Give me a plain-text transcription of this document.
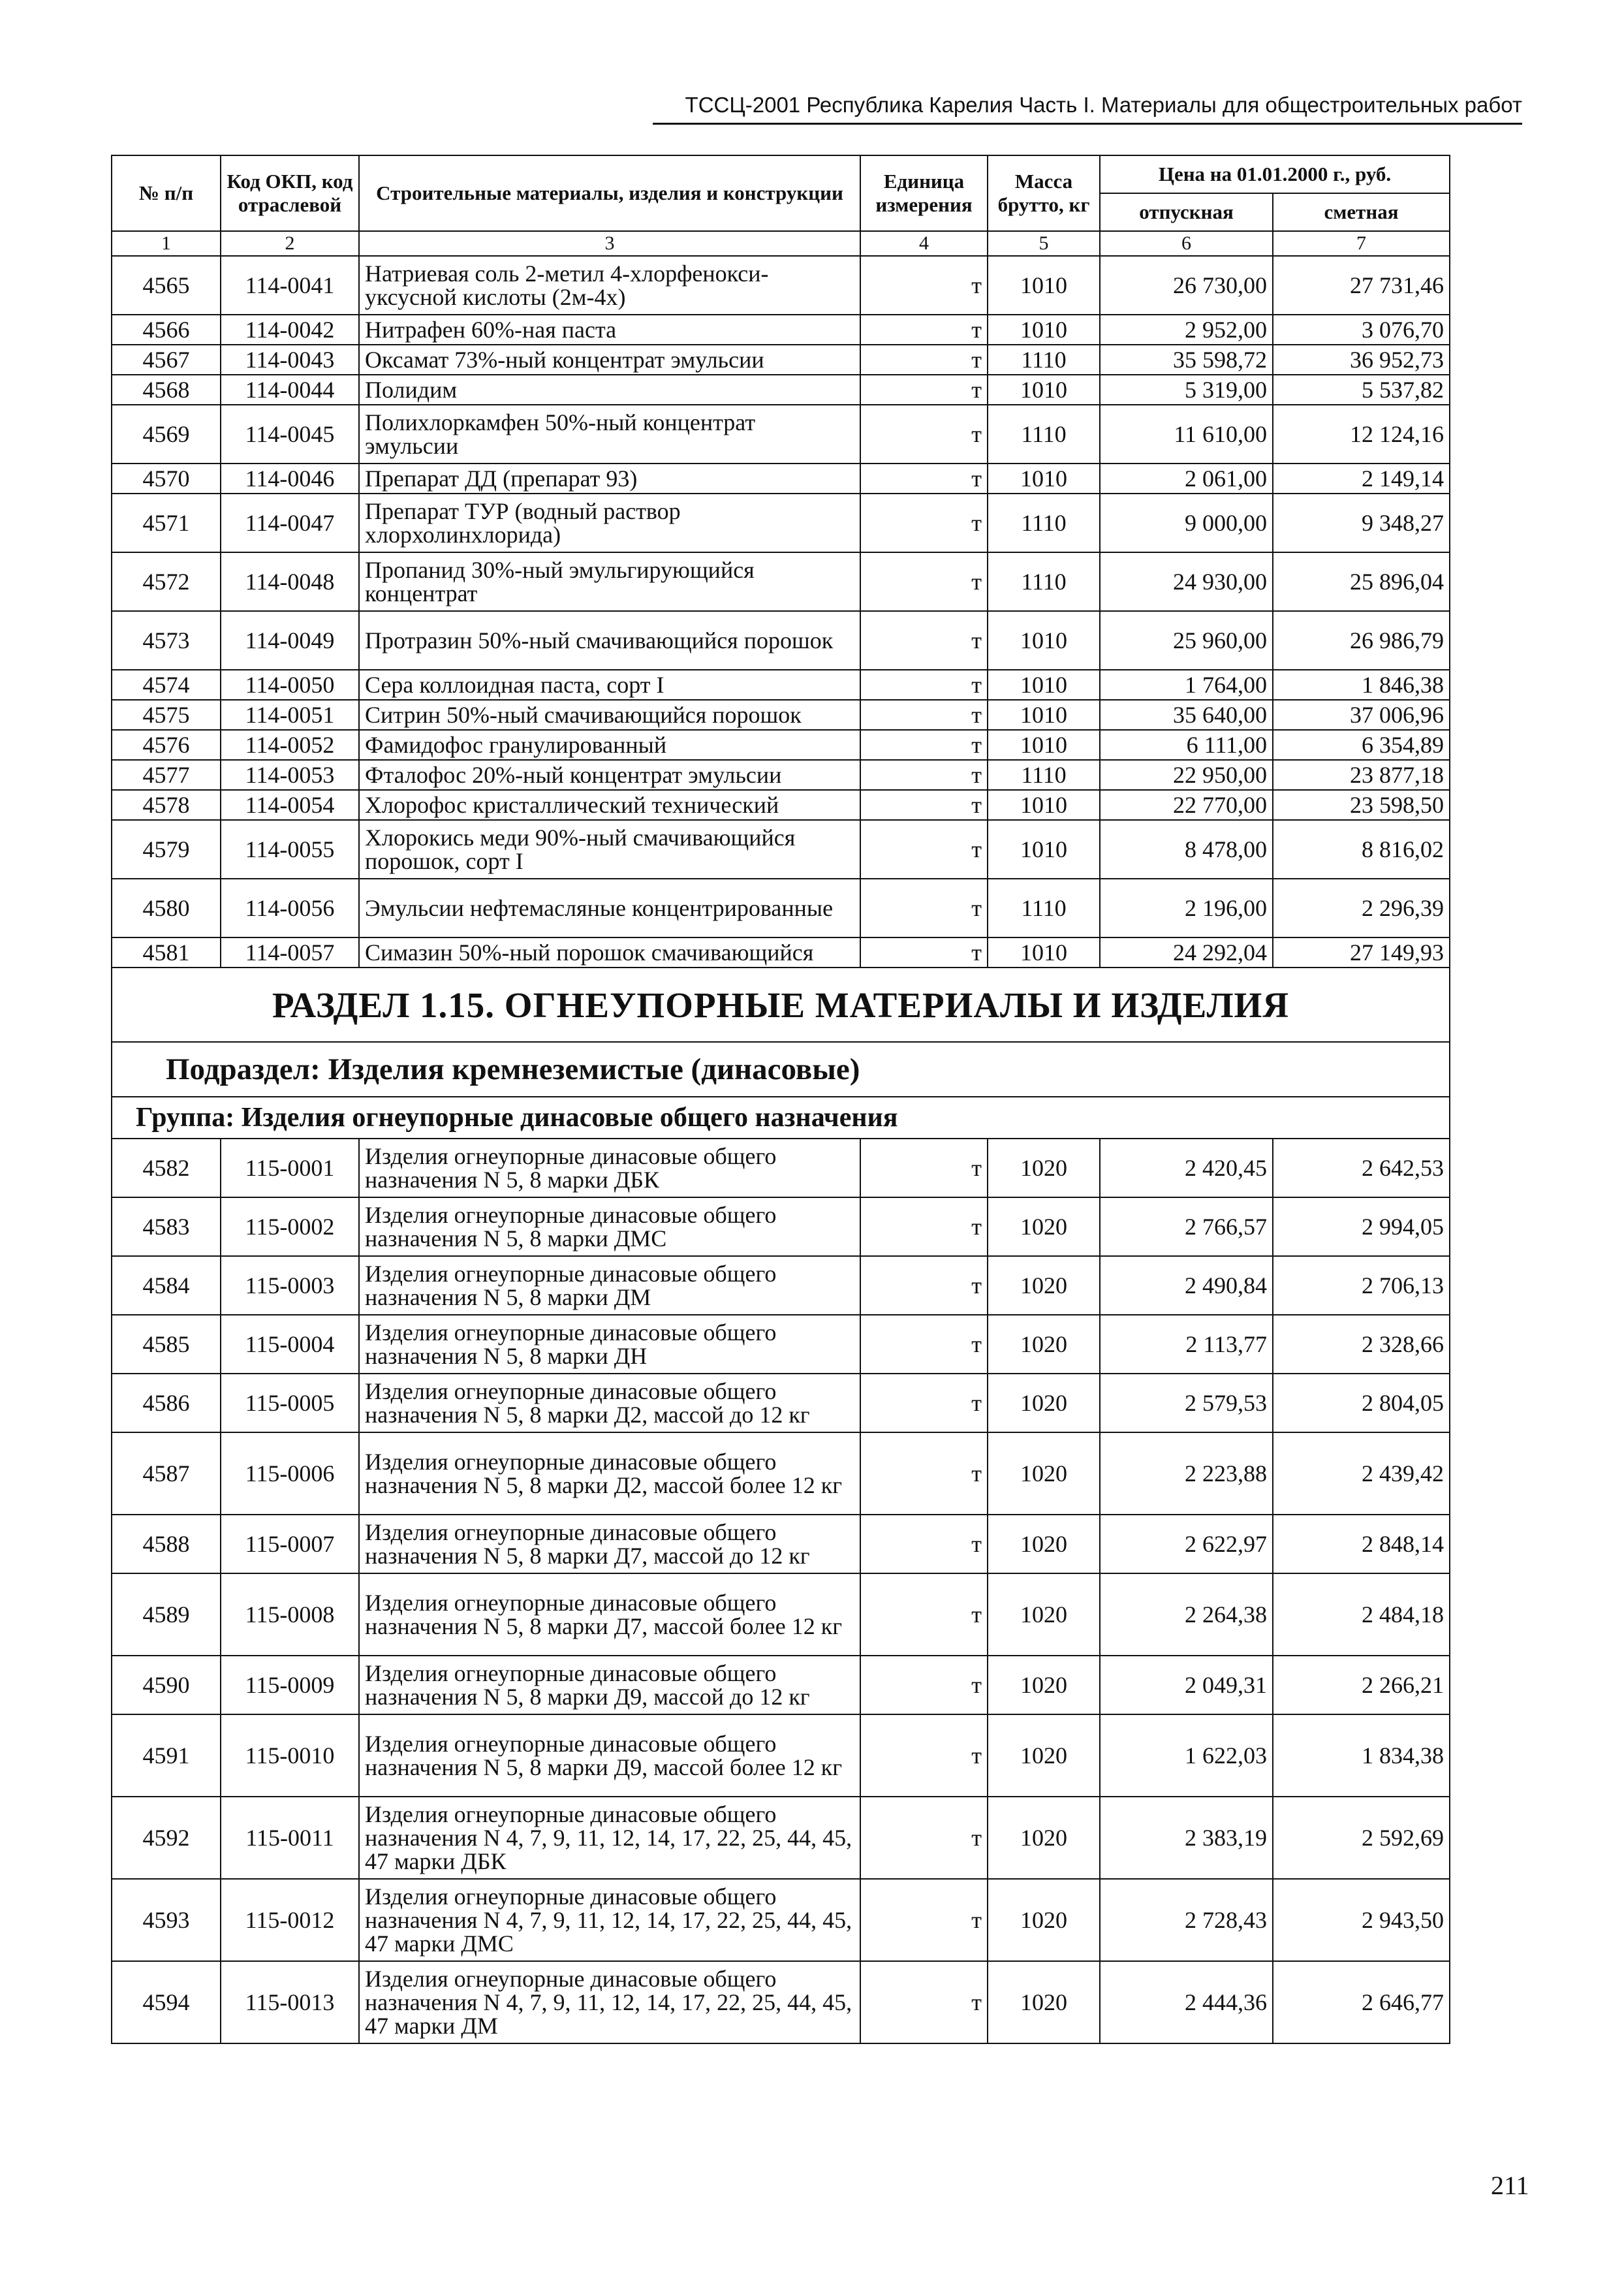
ТССЦ-2001 Республика Карелия Часть I. Материалы для общестроительных работ
№ п/п	Код ОКП, код отраслевой	Строительные материалы, изделия и конструкции	Единица измерения	Масса брутто, кг	Цена на 01.01.2000 г., руб.	
					отпускная	сметная
1	2	3	4	5	6	7
4565	114-0041	Натриевая соль 2-метил 4-хлорфенокси-уксусной кислоты (2м-4х)	т	1010	26 730,00	27 731,46
4566	114-0042	Нитрафен 60%-ная паста	т	1010	2 952,00	3 076,70
4567	114-0043	Оксамат 73%-ный концентрат эмульсии	т	1110	35 598,72	36 952,73
4568	114-0044	Полидим	т	1010	5 319,00	5 537,82
4569	114-0045	Полихлоркамфен 50%-ный концентрат эмульсии	т	1110	11 610,00	12 124,16
4570	114-0046	Препарат ДД (препарат 93)	т	1010	2 061,00	2 149,14
4571	114-0047	Препарат ТУР (водный раствор хлорхолинхлорида)	т	1110	9 000,00	9 348,27
4572	114-0048	Пропанид 30%-ный эмульгирующийся концентрат	т	1110	24 930,00	25 896,04
4573	114-0049	Протразин 50%-ный смачивающийся порошок	т	1010	25 960,00	26 986,79
4574	114-0050	Сера коллоидная паста, сорт I	т	1010	1 764,00	1 846,38
4575	114-0051	Ситрин 50%-ный смачивающийся порошок	т	1010	35 640,00	37 006,96
4576	114-0052	Фамидофос гранулированный	т	1010	6 111,00	6 354,89
4577	114-0053	Фталофос 20%-ный концентрат эмульсии	т	1110	22 950,00	23 877,18
4578	114-0054	Хлорофос кристаллический технический	т	1010	22 770,00	23 598,50
4579	114-0055	Хлорокись меди 90%-ный смачивающийся порошок, сорт I	т	1010	8 478,00	8 816,02
4580	114-0056	Эмульсии нефтемасляные концентрированные	т	1110	2 196,00	2 296,39
4581	114-0057	Симазин 50%-ный порошок смачивающийся	т	1010	24 292,04	27 149,93
РАЗДЕЛ 1.15. ОГНЕУПОРНЫЕ МАТЕРИАЛЫ И ИЗДЕЛИЯ						
Подраздел: Изделия кремнеземистые (динасовые)						
Группа: Изделия огнеупорные динасовые общего назначения						
4582	115-0001	Изделия огнеупорные динасовые общего назначения N 5, 8 марки ДБК	т	1020	2 420,45	2 642,53
4583	115-0002	Изделия огнеупорные динасовые общего назначения N 5, 8 марки ДМС	т	1020	2 766,57	2 994,05
4584	115-0003	Изделия огнеупорные динасовые общего назначения N 5, 8 марки ДМ	т	1020	2 490,84	2 706,13
4585	115-0004	Изделия огнеупорные динасовые общего назначения N 5, 8 марки ДН	т	1020	2 113,77	2 328,66
4586	115-0005	Изделия огнеупорные динасовые общего назначения N 5, 8 марки Д2, массой до 12 кг	т	1020	2 579,53	2 804,05
4587	115-0006	Изделия огнеупорные динасовые общего назначения N 5, 8 марки Д2, массой более 12 кг	т	1020	2 223,88	2 439,42
4588	115-0007	Изделия огнеупорные динасовые общего назначения N 5, 8 марки Д7, массой до 12 кг	т	1020	2 622,97	2 848,14
4589	115-0008	Изделия огнеупорные динасовые общего назначения N 5, 8 марки Д7, массой более 12 кг	т	1020	2 264,38	2 484,18
4590	115-0009	Изделия огнеупорные динасовые общего назначения N 5, 8 марки Д9, массой до 12 кг	т	1020	2 049,31	2 266,21
4591	115-0010	Изделия огнеупорные динасовые общего назначения N 5, 8 марки Д9, массой более 12 кг	т	1020	1 622,03	1 834,38
4592	115-0011	Изделия огнеупорные динасовые общего назначения N 4, 7, 9, 11, 12, 14, 17, 22, 25, 44, 45, 47 марки ДБК	т	1020	2 383,19	2 592,69
4593	115-0012	Изделия огнеупорные динасовые общего назначения N 4, 7, 9, 11, 12, 14, 17, 22, 25, 44, 45, 47 марки ДМС	т	1020	2 728,43	2 943,50
4594	115-0013	Изделия огнеупорные динасовые общего назначения N 4, 7, 9, 11, 12, 14, 17, 22, 25, 44, 45, 47 марки ДМ	т	1020	2 444,36	2 646,77
211
